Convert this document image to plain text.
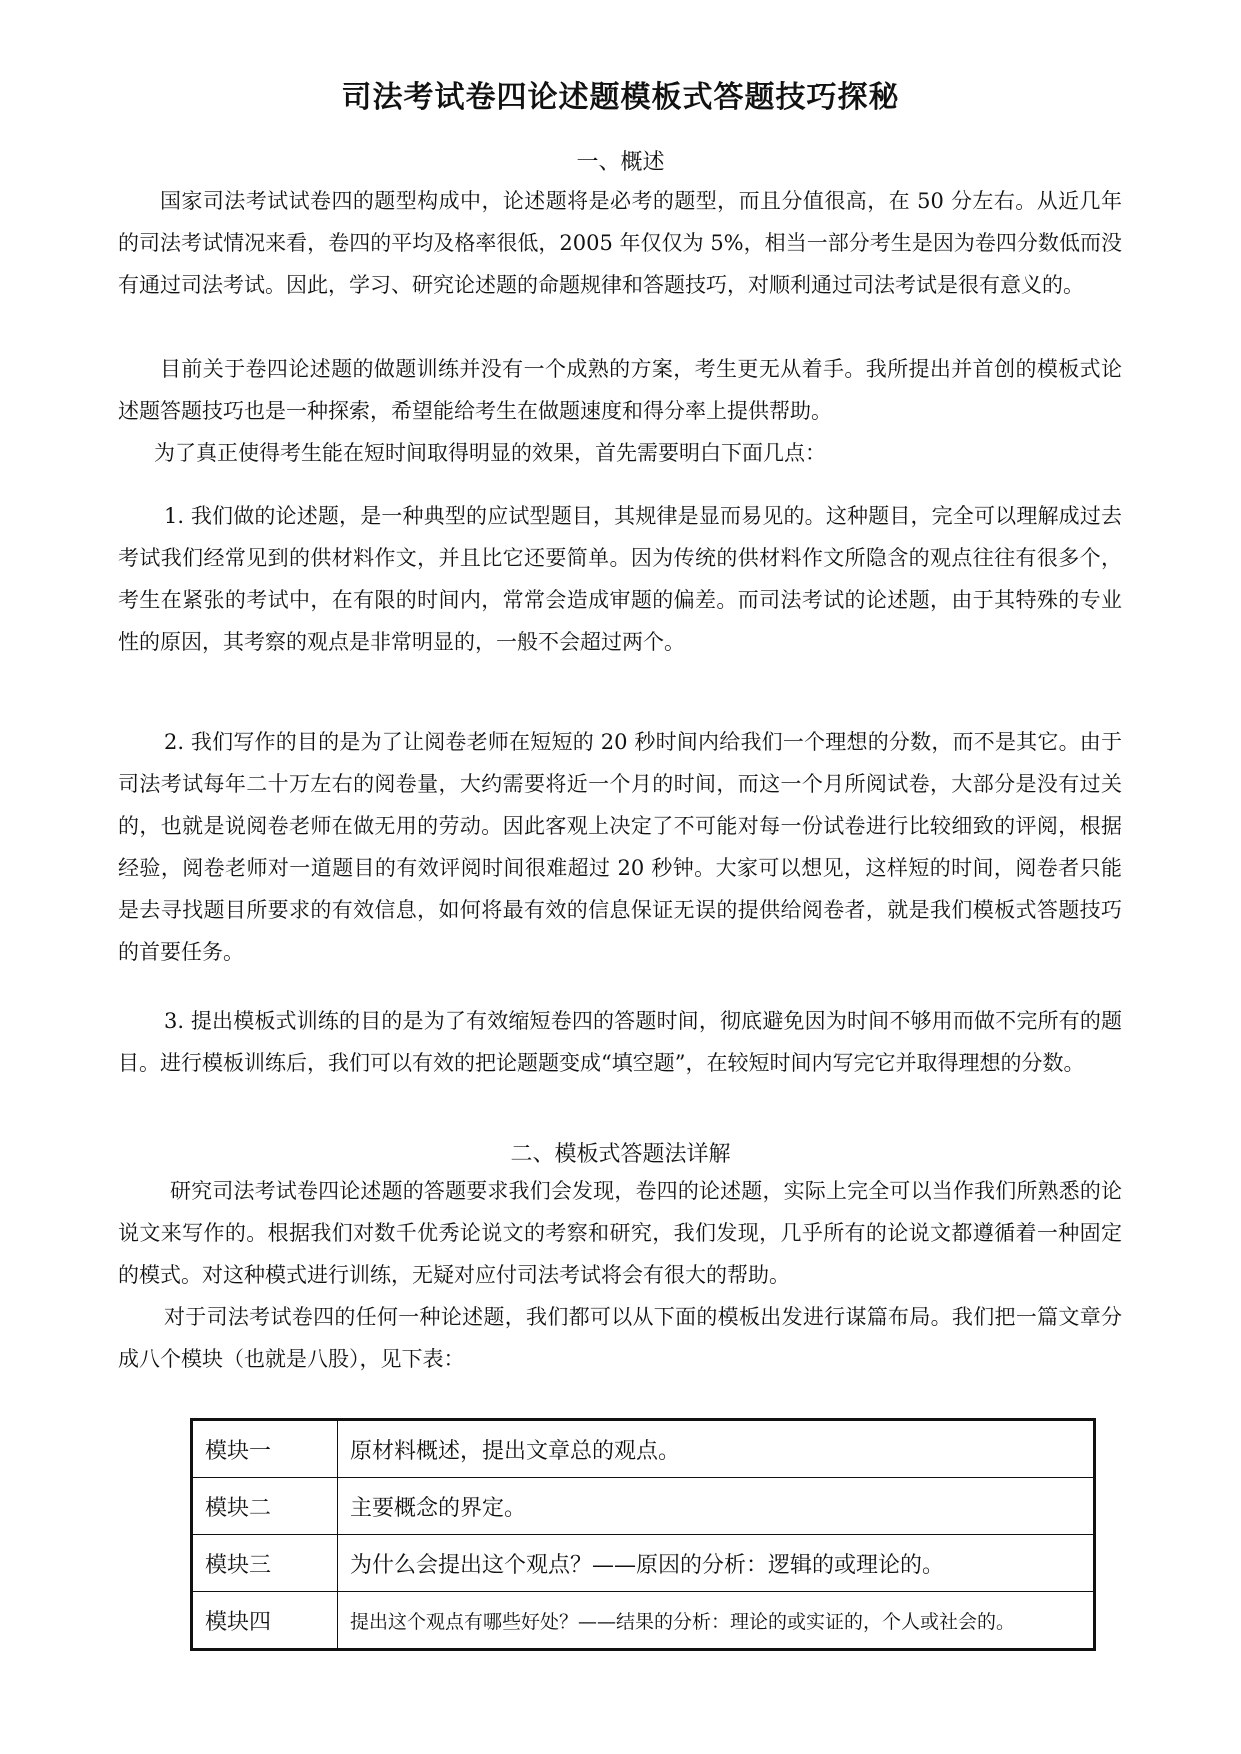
司法考试卷四论述题模板式答题技巧探秘
一、概述

国家司法考试试卷四的题型构成中，论述题将是必考的题型，而且分值很高，在 50 分左右。从近几年的司法考试情况来看，卷四的平均及格率很低，2005 年仅仅为 5%，相当一部分考生是因为卷四分数低而没有通过司法考试。因此，学习、研究论述题的命题规律和答题技巧，对顺利通过司法考试是很有意义的。

目前关于卷四论述题的做题训练并没有一个成熟的方案，考生更无从着手。我所提出并首创的模板式论述题答题技巧也是一种探索，希望能给考生在做题速度和得分率上提供帮助。

为了真正使得考生能在短时间取得明显的效果，首先需要明白下面几点：

1. 我们做的论述题，是一种典型的应试型题目，其规律是显而易见的。这种题目，完全可以理解成过去考试我们经常见到的供材料作文，并且比它还要简单。因为传统的供材料作文所隐含的观点往往有很多个，考生在紧张的考试中，在有限的时间内，常常会造成审题的偏差。而司法考试的论述题，由于其特殊的专业性的原因，其考察的观点是非常明显的，一般不会超过两个。

2. 我们写作的目的是为了让阅卷老师在短短的 20 秒时间内给我们一个理想的分数，而不是其它。由于司法考试每年二十万左右的阅卷量，大约需要将近一个月的时间，而这一个月所阅试卷，大部分是没有过关的，也就是说阅卷老师在做无用的劳动。因此客观上决定了不可能对每一份试卷进行比较细致的评阅，根据经验，阅卷老师对一道题目的有效评阅时间很难超过 20 秒钟。大家可以想见，这样短的时间，阅卷者只能是去寻找题目所要求的有效信息，如何将最有效的信息保证无误的提供给阅卷者，就是我们模板式答题技巧的首要任务。

3. 提出模板式训练的目的是为了有效缩短卷四的答题时间，彻底避免因为时间不够用而做不完所有的题目。进行模板训练后，我们可以有效的把论题题变成“填空题”，在较短时间内写完它并取得理想的分数。

二、模板式答题法详解

研究司法考试卷四论述题的答题要求我们会发现，卷四的论述题，实际上完全可以当作我们所熟悉的论说文来写作的。根据我们对数千优秀论说文的考察和研究，我们发现，几乎所有的论说文都遵循着一种固定的模式。对这种模式进行训练，无疑对应付司法考试将会有很大的帮助。

对于司法考试卷四的任何一种论述题，我们都可以从下面的模板出发进行谋篇布局。我们把一篇文章分成八个模块（也就是八股），见下表：

模块一	原材料概述，提出文章总的观点。
模块二	主要概念的界定。
模块三	为什么会提出这个观点？——原因的分析：逻辑的或理论的。
模块四	提出这个观点有哪些好处？——结果的分析：理论的或实证的，个人或社会的。
